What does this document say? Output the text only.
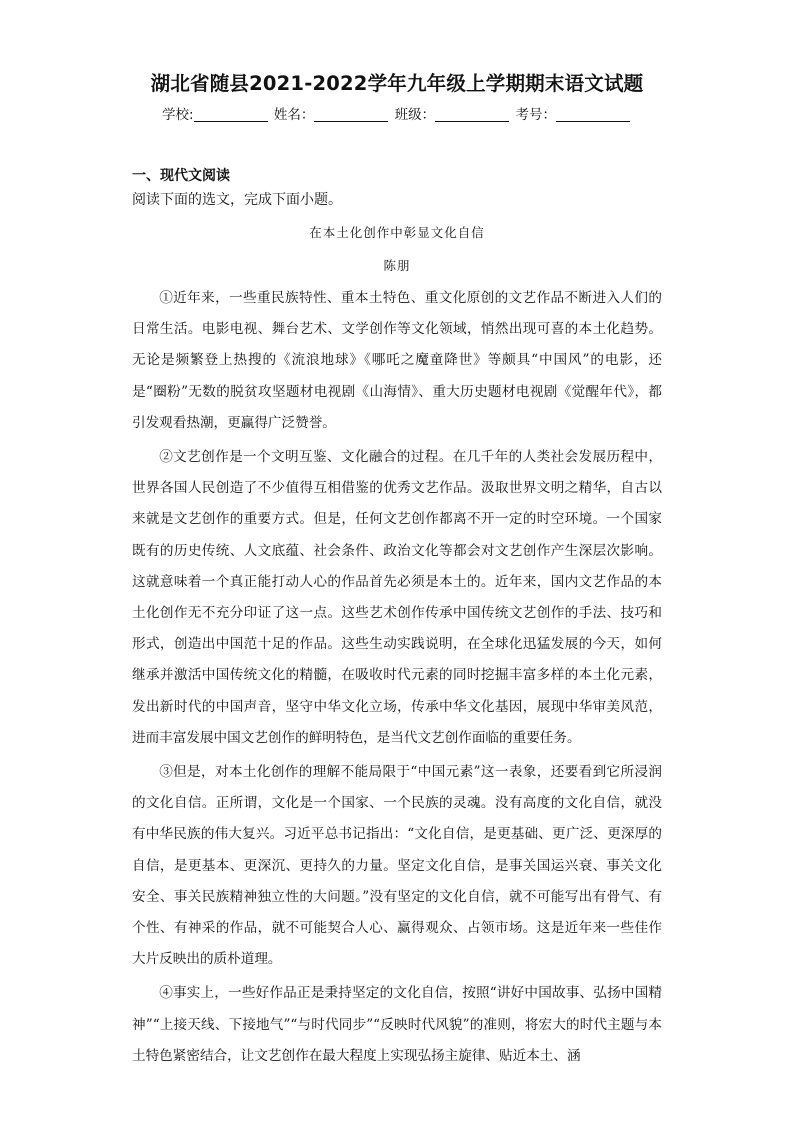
湖北省随县2021-2022学年九年级上学期期末语文试题
学校:	姓名：	班级：	考号：
一、现代文阅读
阅读下面的选文，完成下面小题。
在本土化创作中彰显文化自信
陈朋

①近年来，一些重民族特性、重本土特色、重文化原创的文艺作品不断进入人们的日常生活。电影电视、舞台艺术、文学创作等文化领域，悄然出现可喜的本土化趋势。无论是频繁登上热搜的《流浪地球》《哪吒之魔童降世》等颇具“中国风”的电影，还是“圈粉”无数的脱贫攻坚题材电视剧《山海情》、重大历史题材电视剧《觉醒年代》，都引发观看热潮，更赢得广泛赞誉。

②文艺创作是一个文明互鉴、文化融合的过程。在几千年的人类社会发展历程中，世界各国人民创造了不少值得互相借鉴的优秀文艺作品。汲取世界文明之精华，自古以来就是文艺创作的重要方式。但是，任何文艺创作都离不开一定的时空环境。一个国家既有的历史传统、人文底蕴、社会条件、政治文化等都会对文艺创作产生深层次影响。这就意味着一个真正能打动人心的作品首先必须是本土的。近年来，国内文艺作品的本土化创作无不充分印证了这一点。这些艺术创作传承中国传统文艺创作的手法、技巧和形式，创造出中国范十足的作品。这些生动实践说明，在全球化迅猛发展的今天，如何继承并激活中国传统文化的精髓，在吸收时代元素的同时挖掘丰富多样的本土化元素，发出新时代的中国声音，坚守中华文化立场，传承中华文化基因，展现中华审美风范，进而丰富发展中国文艺创作的鲜明特色，是当代文艺创作面临的重要任务。

③但是，对本土化创作的理解不能局限于“中国元素”这一表象，还要看到它所浸润的文化自信。正所谓，文化是一个国家、一个民族的灵魂。没有高度的文化自信，就没有中华民族的伟大复兴。习近平总书记指出：“文化自信，是更基础、更广泛、更深厚的自信，是更基本、更深沉、更持久的力量。坚定文化自信，是事关国运兴衰、事关文化安全、事关民族精神独立性的大问题。”没有坚定的文化自信，就不可能写出有骨气、有个性、有神采的作品，就不可能契合人心、赢得观众、占领市场。这是近年来一些佳作大片反映出的质朴道理。

④事实上，一些好作品正是秉持坚定的文化自信，按照“讲好中国故事、弘扬中国精神”“上接天线、下接地气”“与时代同步”“反映时代风貌”的准则，将宏大的时代主题与本土特色紧密结合，让文艺创作在最大程度上实现弘扬主旋律、贴近本土、涵
